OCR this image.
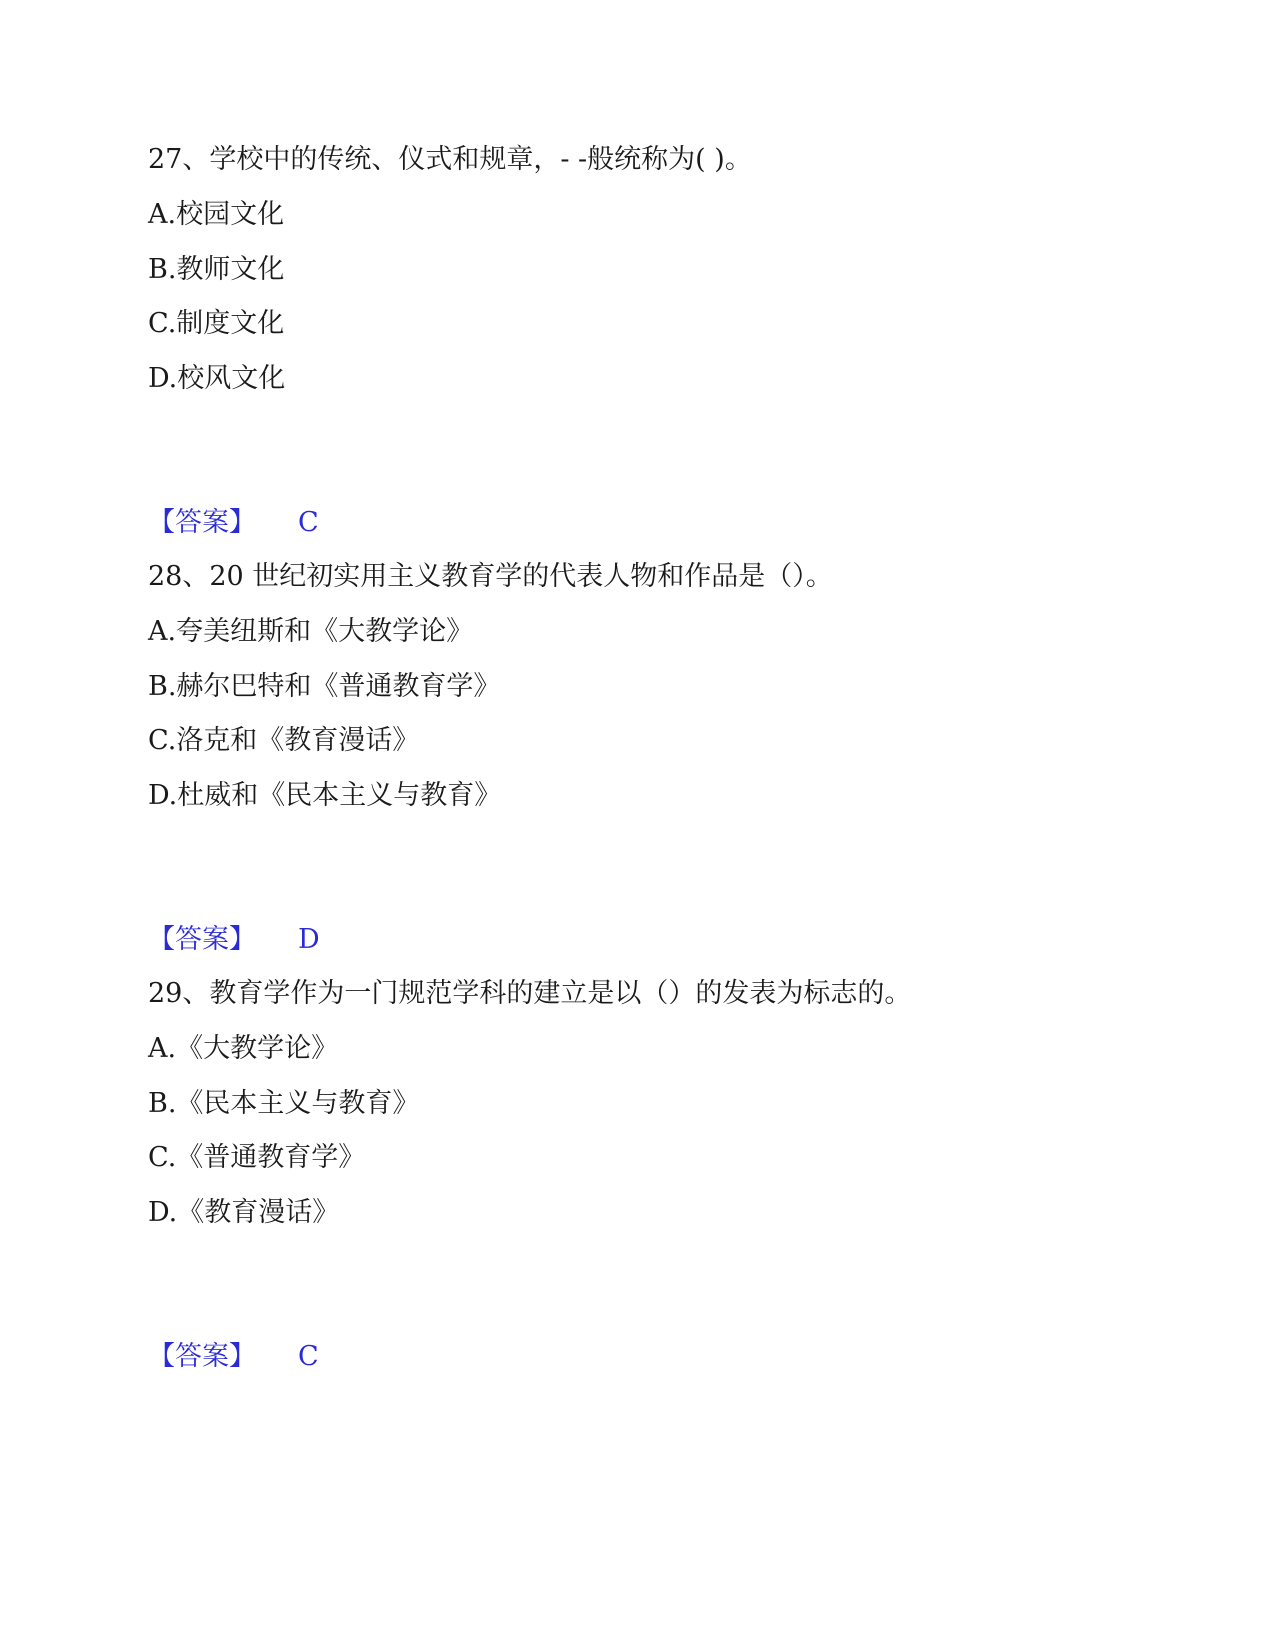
27、学校中的传统、仪式和规章，- -般统称为( )。
A.校园文化
B.教师文化
C.制度文化
D.校风文化
【答案】 C
28、20 世纪初实用主义教育学的代表人物和作品是（）。
A.夸美纽斯和《大教学论》
B.赫尔巴特和《普通教育学》
C.洛克和《教育漫话》
D.杜威和《民本主义与教育》
【答案】 D
29、教育学作为一门规范学科的建立是以（）的发表为标志的。
A.《大教学论》
B.《民本主义与教育》
C.《普通教育学》
D.《教育漫话》
【答案】 C
